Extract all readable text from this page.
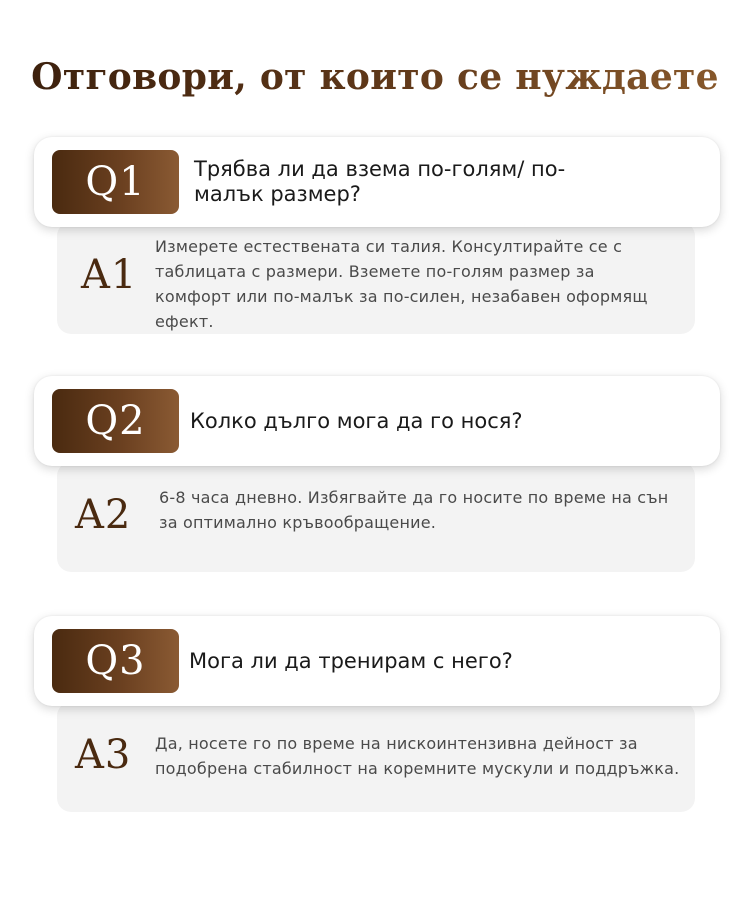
Отговори, от които се нуждаете
A1
Измерете естествената си талия. Консултирайте се с таблицата с размери. Вземете по-голям размер за комфорт или по-малък за по-силен, незабавен оформящ ефект.
Q1	Трябва ли да взема по-голям/ по-малък размер?
A2 6-8 часа дневно. Избягвайте да го носите по време на сън за оптимално кръвообращение.
Q2	Колко дълго мога да го нося?
A3 Да, носете го по време на нискоинтензивна дейност за подобрена стабилност на коремните мускули и поддръжка.
Q3	Мога ли да тренирам с него?
